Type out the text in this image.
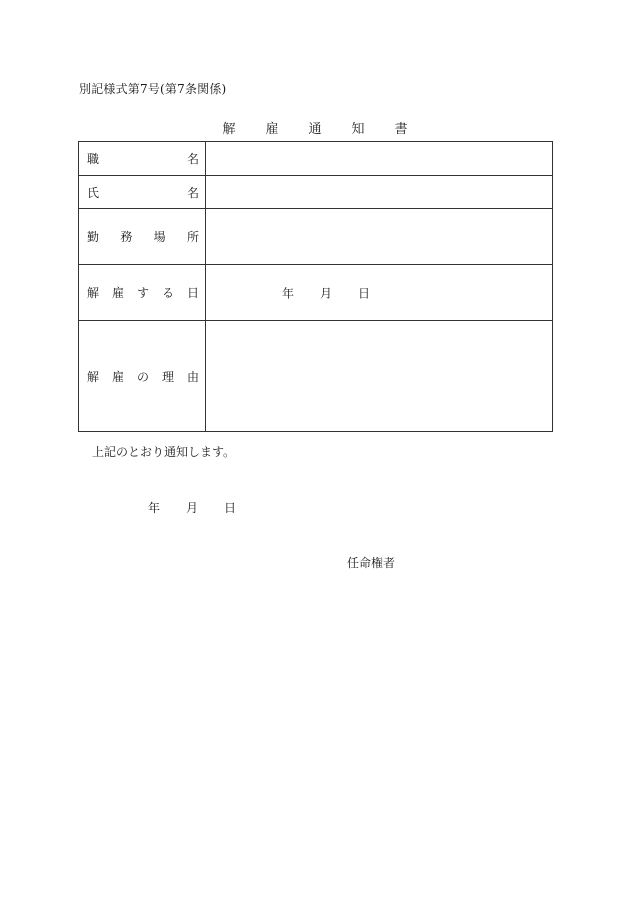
別記様式第7号(第7条関係)
解 雇 通 知 書
職 名	

氏 名	

勤 務 場 所	

解 雇 す る 日	年 月 日

解 雇 の 理 由	

上記のとおり通知します。
年 月 日
任命権者
